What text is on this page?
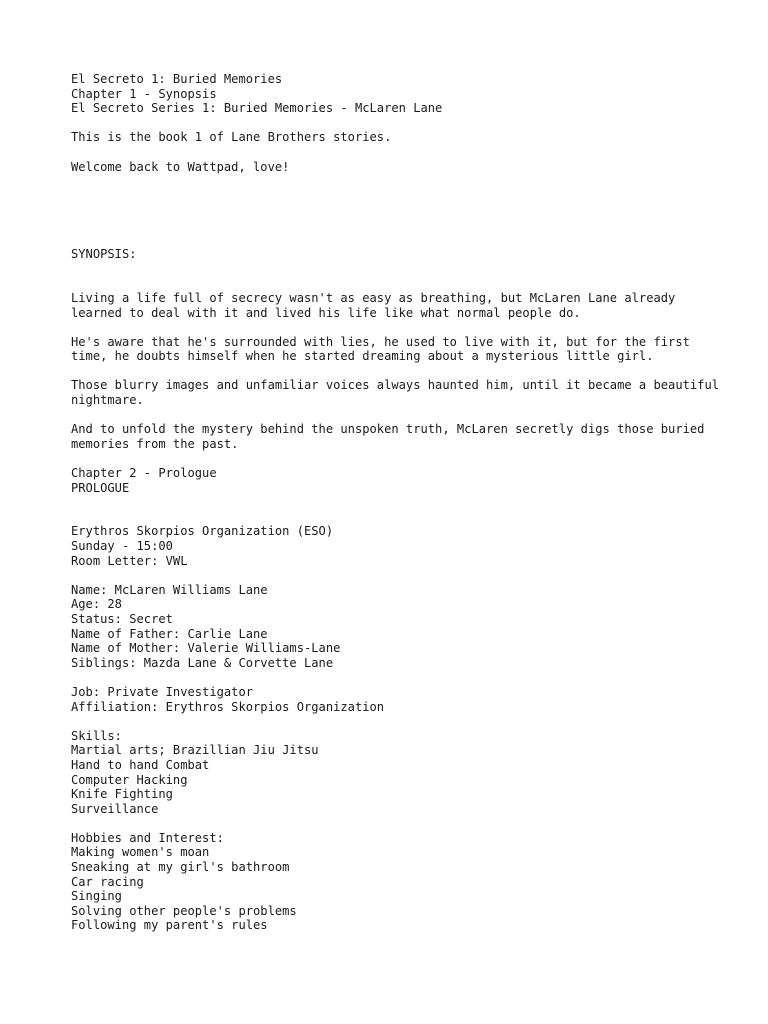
El Secreto 1: Buried Memories
Chapter 1 - Synopsis
El Secreto Series 1: Buried Memories - McLaren Lane
This is the book 1 of Lane Brothers stories.
Welcome back to Wattpad, love!
SYNOPSIS:

Living a life full of secrecy wasn't as easy as breathing, but McLaren Lane already learned to deal with it and lived his life like what normal people do.

He's aware that he's surrounded with lies, he used to live with it, but for the first time, he doubts himself when he started dreaming about a mysterious little girl.

Those blurry images and unfamiliar voices always haunted him, until it became a beautiful nightmare.

And to unfold the mystery behind the unspoken truth, McLaren secretly digs those buried memories from the past.

Chapter 2 - Prologue
PROLOGUE
Erythros Skorpios Organization (ESO)
Sunday - 15:00
Room Letter: VWL
Name: McLaren Williams Lane
Age: 28
Status: Secret
Name of Father: Carlie Lane
Name of Mother: Valerie Williams-Lane
Siblings: Mazda Lane & Corvette Lane
Job: Private Investigator
Affiliation: Erythros Skorpios Organization
Skills:
Martial arts; Brazillian Jiu Jitsu
Hand to hand Combat
Computer Hacking
Knife Fighting
Surveillance
Hobbies and Interest:
Making women's moan
Sneaking at my girl's bathroom
Car racing
Singing
Solving other people's problems
Following my parent's rules
